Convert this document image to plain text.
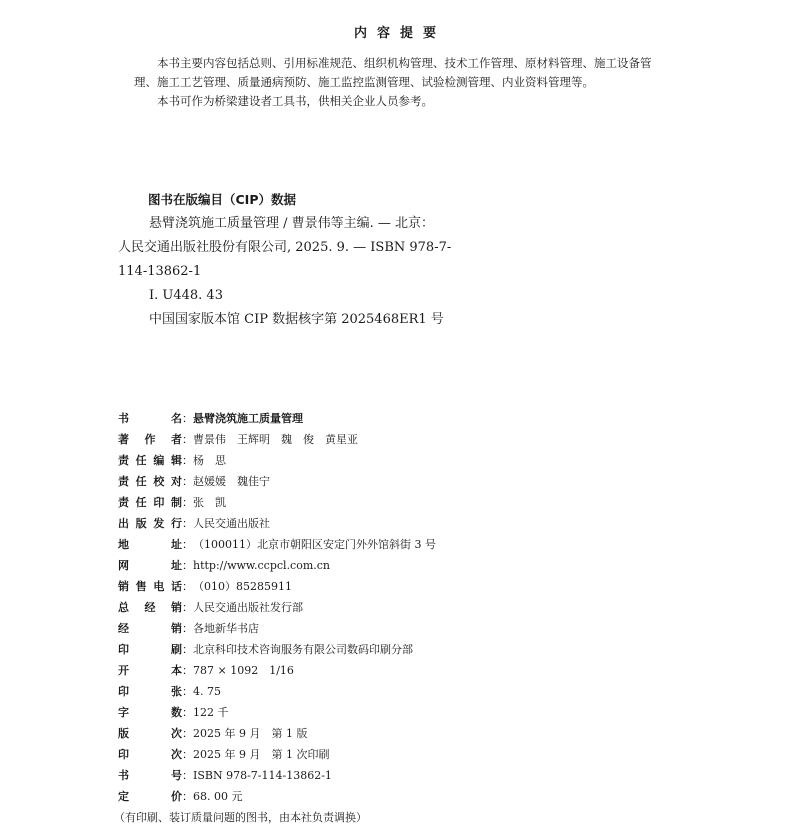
内容提要

本书主要内容包括总则、引用标准规范、组织机构管理、技术工作管理、原材料管理、施工设备管理、施工工艺管理、质量通病预防、施工监控监测管理、试验检测管理、内业资料管理等。

本书可作为桥梁建设者工具书，供相关企业人员参考。

图书在版编目（CIP）数据
悬臂浇筑施工质量管理 / 曹景伟等主编. — 北京：
人民交通出版社股份有限公司, 2025. 9. — ISBN 978-7-
114-13862-1
Ⅰ. U448. 43
中国国家版本馆 CIP 数据核字第 2025468ER1 号
书	名 ： 悬臂浇筑施工质量管理
著 作 者 ： 曹景伟　王辉明　魏　俊　黄星亚
责 任 编 辑 ： 杨　思
责 任 校 对 ： 赵媛媛　魏佳宁
责 任 印 制 ： 张　凯
出 版 发 行 ： 人民交通出版社
地	址 ： （100011）北京市朝阳区安定门外外馆斜街 3 号
网	址 ： http://www.ccpcl.com.cn
销 售 电 话 ： （010）85285911
总 经 销 ： 人民交通出版社发行部
经	销 ： 各地新华书店
印	刷 ： 北京科印技术咨询服务有限公司数码印刷分部
开	本 ： 787 × 1092　1/16
印	张 ： 4. 75
字	数 ： 122 千
版	次 ： 2025 年 9 月　第 1 版
印	次 ： 2025 年 9 月　第 1 次印刷
书	号 ： ISBN 978-7-114-13862-1
定	价 ： 68. 00 元
（有印刷、装订质量问题的图书，由本社负责调换）
